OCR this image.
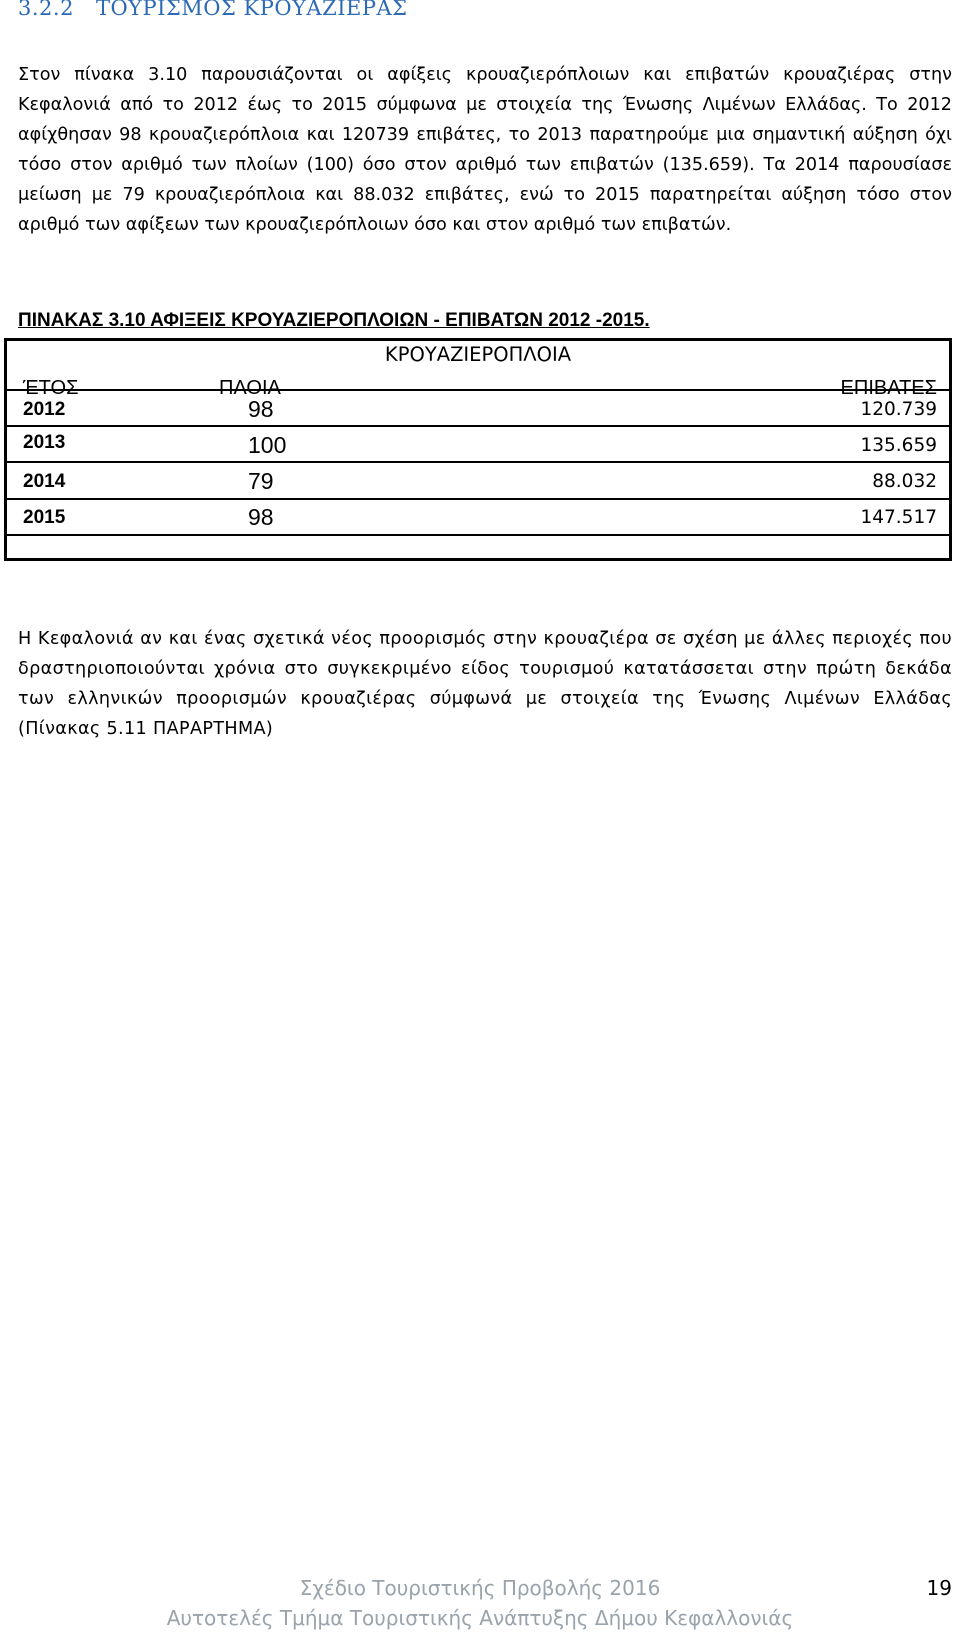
3.2.2 ΤΟΥΡΙΣΜΟΣ ΚΡΟΥΑΖΙΕΡΑΣ

Στον πίνακα 3.10 παρουσιάζονται οι αφίξεις κρουαζιερόπλοιων και επιβατών κρουαζιέρας στην Κεφαλονιά από το 2012 έως το 2015 σύμφωνα με στοιχεία της Ένωσης Λιμένων Ελλάδας. Το 2012 αφίχθησαν 98 κρουαζιερόπλοια και 120739 επιβάτες, το 2013 παρατηρούμε μια σημαντική αύξηση όχι τόσο στον αριθμό των πλοίων (100) όσο στον αριθμό των επιβατών (135.659). Τα 2014 παρουσίασε μείωση με 79 κρουαζιερόπλοια και 88.032 επιβάτες, ενώ το 2015 παρατηρείται αύξηση τόσο στον αριθμό των αφίξεων των κρουαζιερόπλοιων όσο και στον αριθμό των επιβατών.

ΠΙΝΑΚΑΣ 3.10 ΑΦΙΞΕΙΣ ΚΡΟΥΑΖΙΕΡΟΠΛΟΙΩΝ - ΕΠΙΒΑΤΩΝ 2012 -2015.

ΚΡΟΥΑΖΙΕΡΟΠΛΟΙΑ
ΈΤΟΣ	ΠΛΟΙΑ	ΕΠΙΒΑΤΕΣ
2012	98	120.739
2013	100	135.659
2014	79	88.032
2015	98	147.517

Η Κεφαλονιά αν και ένας σχετικά νέος προορισμός στην κρουαζιέρα σε σχέση με άλλες περιοχές που δραστηριοποιούνται χρόνια στο συγκεκριμένο είδος τουρισμού κατατάσσεται στην πρώτη δεκάδα των ελληνικών προορισμών κρουαζιέρας σύμφωνά με στοιχεία της Ένωσης Λιμένων Ελλάδας (Πίνακας 5.11 ΠΑΡΑΡΤΗΜΑ)

Σχέδιο Τουριστικής Προβολής 2016

Αυτοτελές Τμήμα Τουριστικής Ανάπτυξης Δήμου Κεφαλλονιάς

19
